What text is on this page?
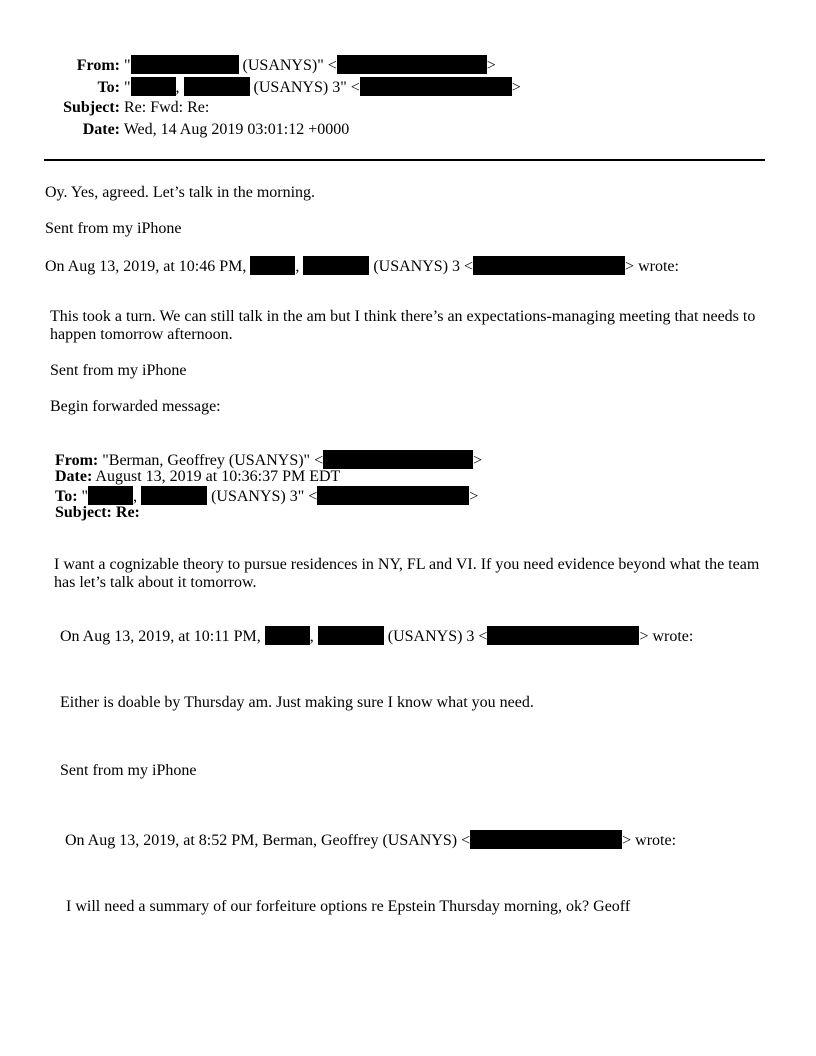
From: "	(USANYS)" <	>
To: "	,	(USANYS) 3" <	>
Subject: Re: Fwd: Re:
Date: Wed, 14 Aug 2019 03:01:12 +0000
Oy. Yes, agreed. Let’s talk in the morning.
Sent from my iPhone
On Aug 13, 2019, at 10:46 PM,	,	(USANYS) 3 <	> wrote:
This took a turn. We can still talk in the am but I think there’s an expectations-managing meeting that needs to happen tomorrow afternoon.
Sent from my iPhone
Begin forwarded message:
From: "Berman, Geoffrey (USANYS)" <	>
Date: August 13, 2019 at 10:36:37 PM EDT
To: "	,	(USANYS) 3" <	>
Subject: Re:
I want a cognizable theory to pursue residences in NY, FL and VI. If you need evidence beyond what the team has let’s talk about it tomorrow.
On Aug 13, 2019, at 10:11 PM,	,	(USANYS) 3 <	> wrote:
Either is doable by Thursday am. Just making sure I know what you need.
Sent from my iPhone
On Aug 13, 2019, at 8:52 PM, Berman, Geoffrey (USANYS) <	> wrote:
I will need a summary of our forfeiture options re Epstein Thursday morning, ok? Geoff
